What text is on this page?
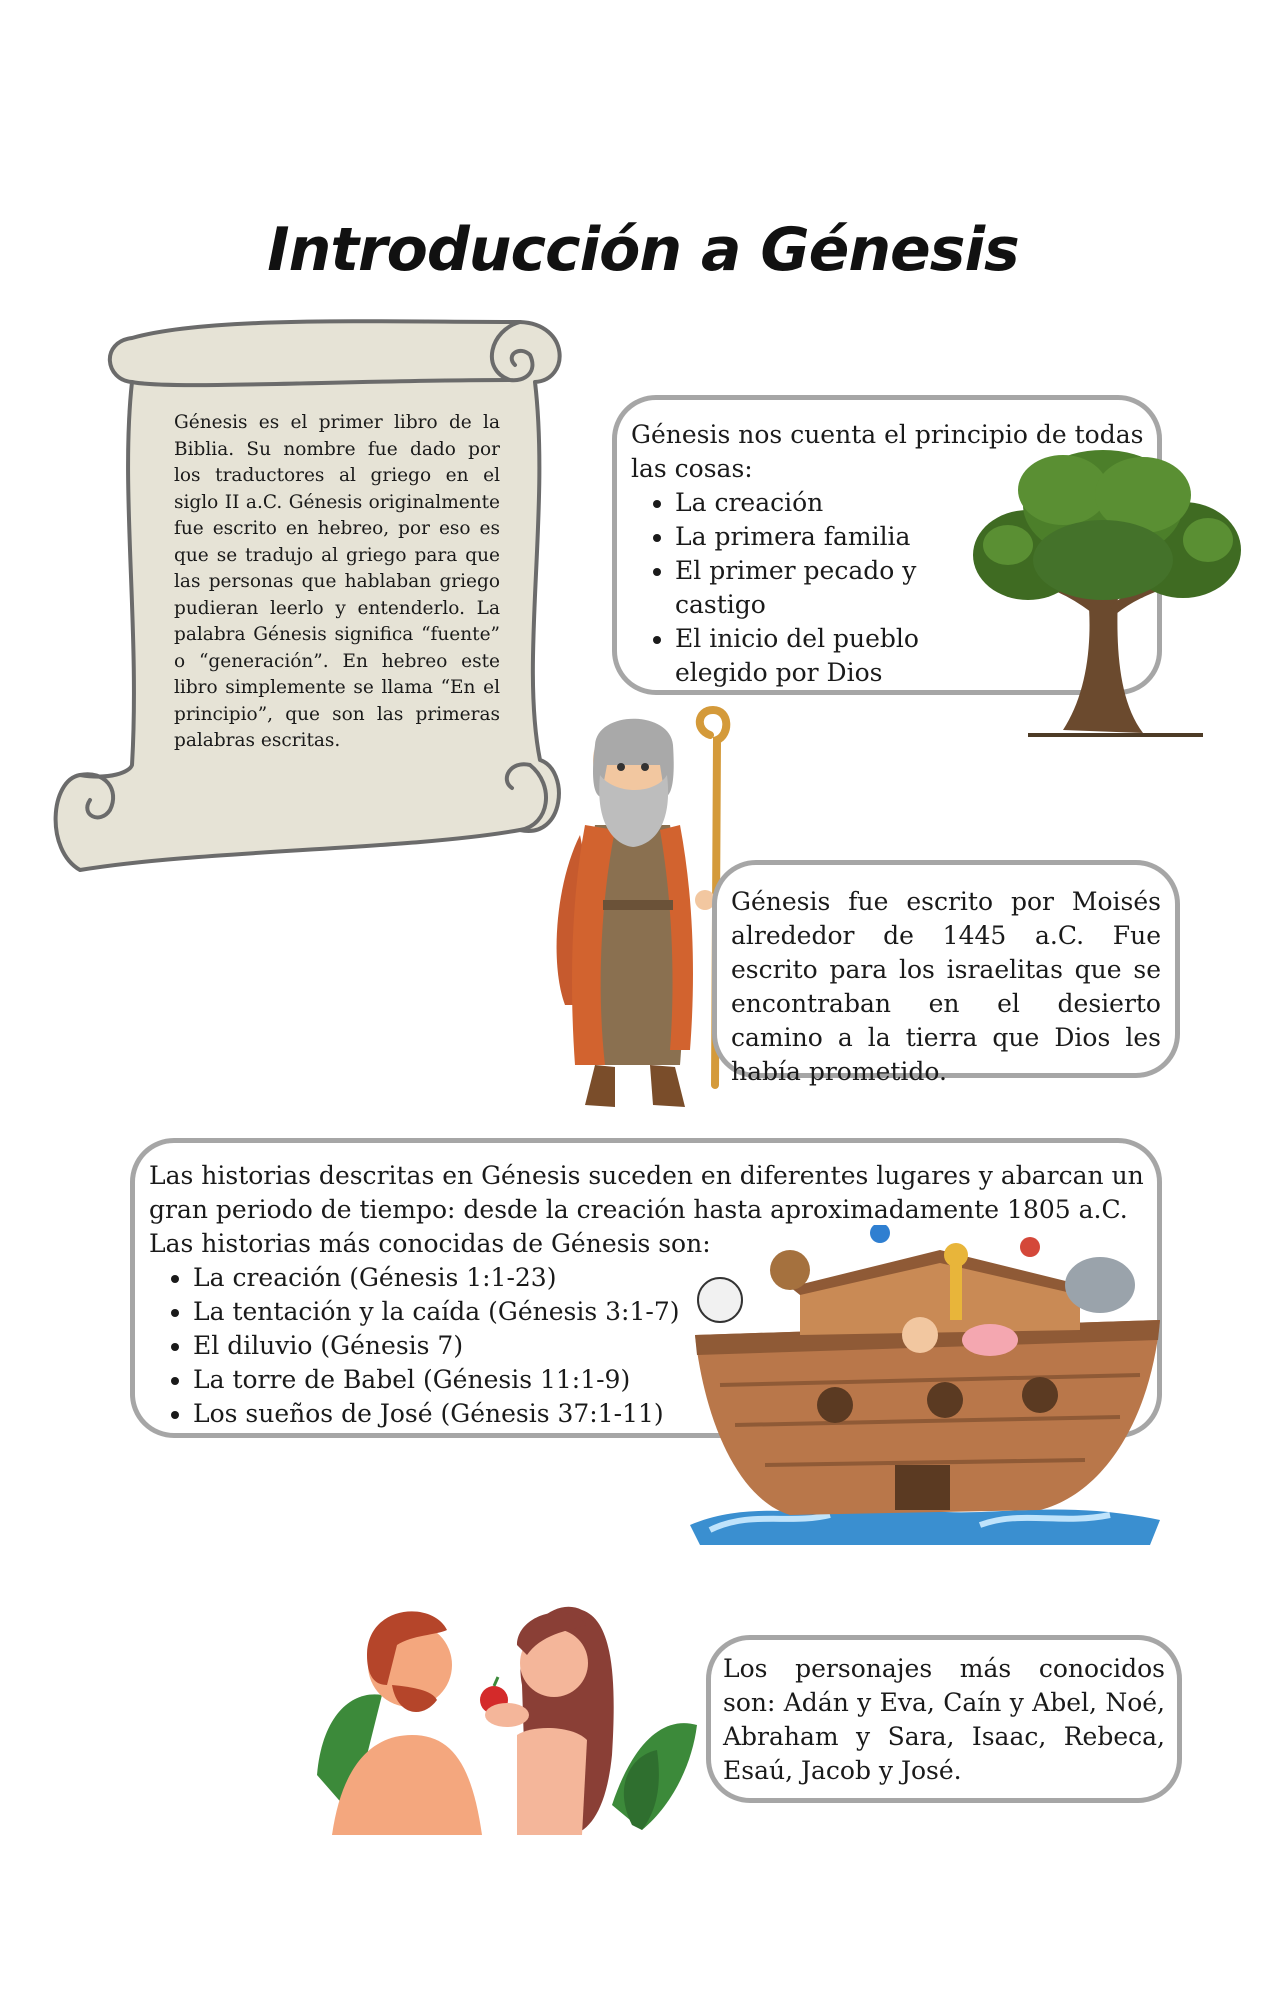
Introducción a Génesis
Génesis es el primer libro de la Biblia. Su nombre fue dado por los traductores al griego en el siglo II a.C. Génesis originalmente fue escrito en hebreo, por eso es que se tradujo al griego para que las personas que hablaban griego pudieran leerlo y entenderlo. La palabra Génesis significa “fuente” o “generación”. En hebreo este libro simplemente se llama “En el principio”, que son las primeras palabras escritas.
Génesis nos cuenta el principio de todas las cosas:
• La creación
• La primera familia
• El primer pecado y castigo
• El inicio del pueblo elegido por Dios
Génesis fue escrito por Moisés alrededor de 1445 a.C. Fue escrito para los israelitas que se encontraban en el desierto camino a la tierra que Dios les había prometido.
Las historias descritas en Génesis suceden en diferentes lugares y abarcan un gran periodo de tiempo: desde la creación hasta aproximadamente 1805 a.C.
Las historias más conocidas de Génesis son:
• La creación (Génesis 1:1-23)
• La tentación y la caída (Génesis 3:1-7)
• El diluvio (Génesis 7)
• La torre de Babel (Génesis 11:1-9)
• Los sueños de José (Génesis 37:1-11)
Los personajes más conocidos son: Adán y Eva, Caín y Abel, Noé, Abraham y Sara, Isaac, Rebeca, Esaú, Jacob y José.
